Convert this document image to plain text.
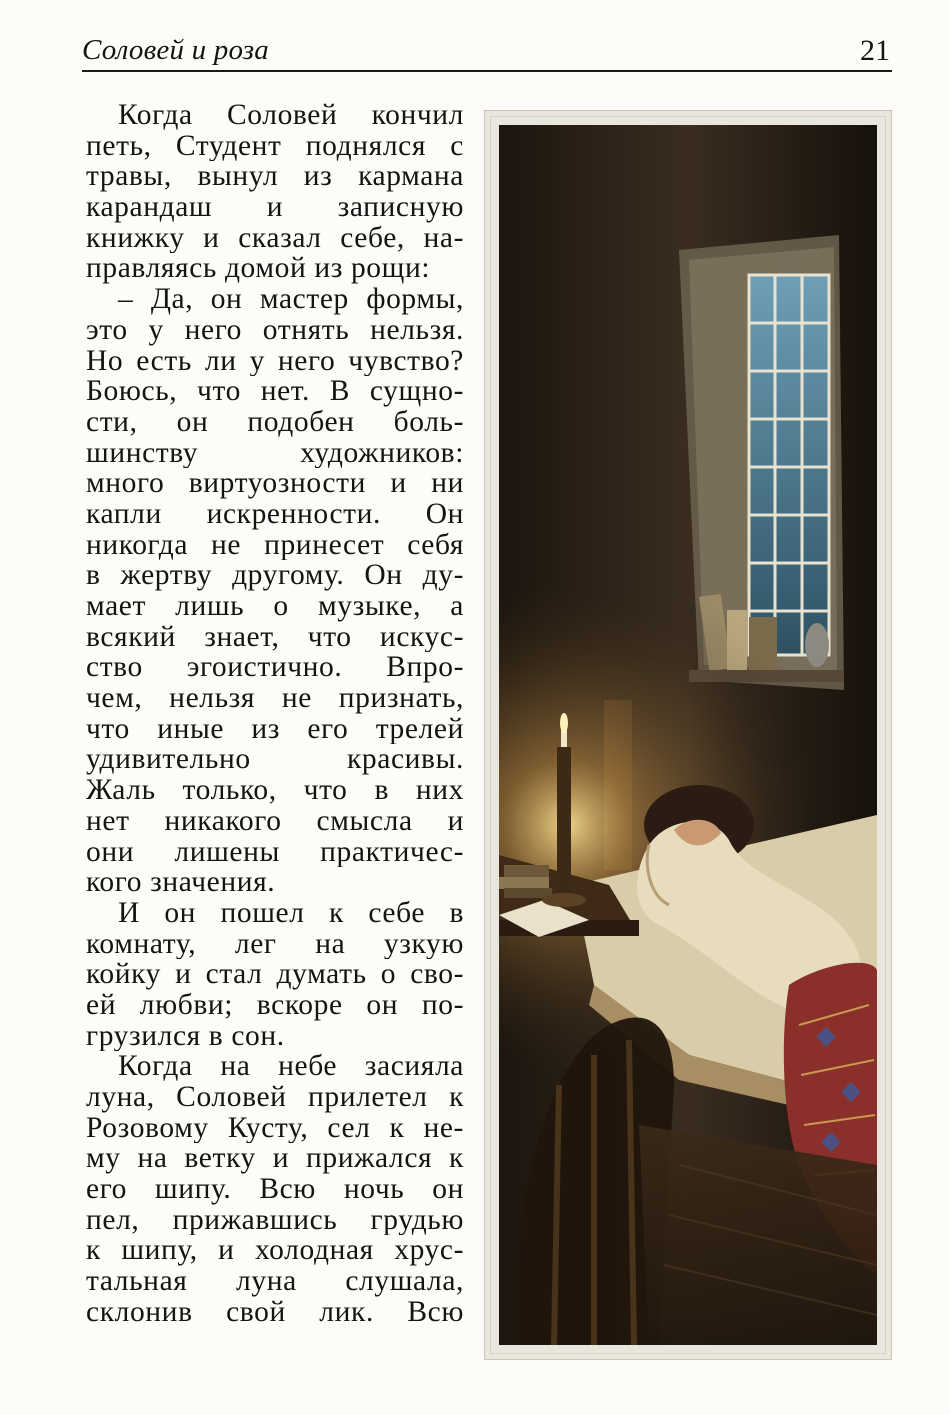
Соловей и роза	21
Когда Соловей кончил
петь, Студент поднялся с
травы, вынул из кармана
карандаш и записную
книжку и сказал себе, на-
правляясь домой из рощи:
– Да, он мастер формы,
это у него отнять нельзя.
Но есть ли у него чувство?
Боюсь, что нет. В сущно-
сти, он подобен боль-
шинству художников:
много виртуозности и ни
капли искренности. Он
никогда не принесет себя
в жертву другому. Он ду-
мает лишь о музыке, а
всякий знает, что искус-
ство эгоистично. Впро-
чем, нельзя не признать,
что иные из его трелей
удивительно красивы.
Жаль только, что в них
нет никакого смысла и
они лишены практичес-
кого значения.
И он пошел к себе в
комнату, лег на узкую
койку и стал думать о сво-
ей любви; вскоре он по-
грузился в сон.
Когда на небе засияла
луна, Соловей прилетел к
Розовому Кусту, сел к не-
му на ветку и прижался к
его шипу. Всю ночь он
пел, прижавшись грудью
к шипу, и холодная хрус-
тальная луна слушала,
склонив свой лик. Всю
